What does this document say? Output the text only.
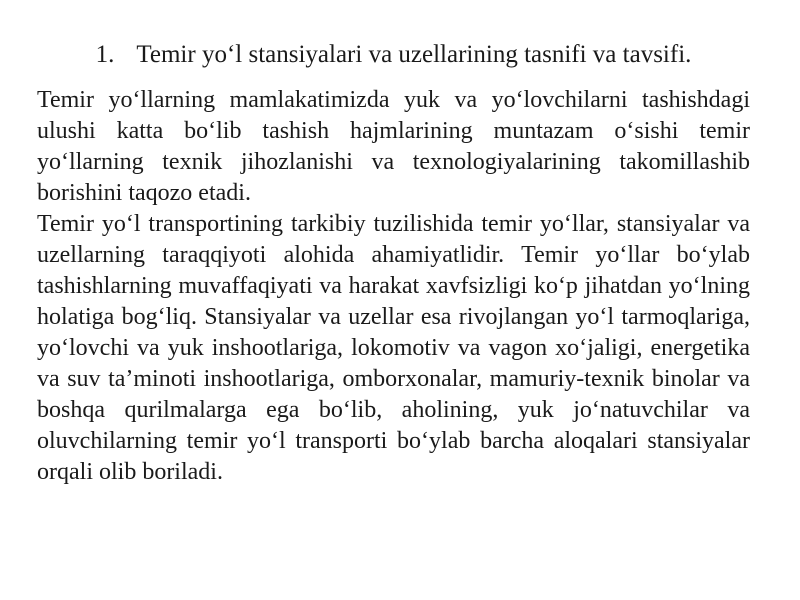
1. Temir yo‘l stansiyalari va uzellarining tasnifi va tavsifi.

Temir yo‘llarning mamlakatimizda yuk va yo‘lovchilarni tashishdagi ulushi katta bo‘lib tashish hajmlarining muntazam o‘sishi temir yo‘llarning texnik jihozlanishi va texnologiyalarining takomillashib borishini taqozo etadi.

Temir yo‘l transportining tarkibiy tuzilishida temir yo‘llar, stansiyalar va uzellarning taraqqiyoti alohida ahamiyatlidir. Temir yo‘llar bo‘ylab tashishlarning muvaffaqiyati va harakat xavfsizligi ko‘p jihatdan yo‘lning holatiga bog‘liq. Stansiyalar va uzellar esa rivojlangan yo‘l tarmoqlariga, yo‘lovchi va yuk inshootlariga, lokomotiv va vagon xo‘jaligi, energetika va suv ta’minoti inshootlariga, omborxonalar, mamuriy-texnik binolar va boshqa qurilmalarga ega bo‘lib, aholining, yuk jo‘natuvchilar va oluvchilarning temir yo‘l transporti bo‘ylab barcha aloqalari stansiyalar orqali olib boriladi.
